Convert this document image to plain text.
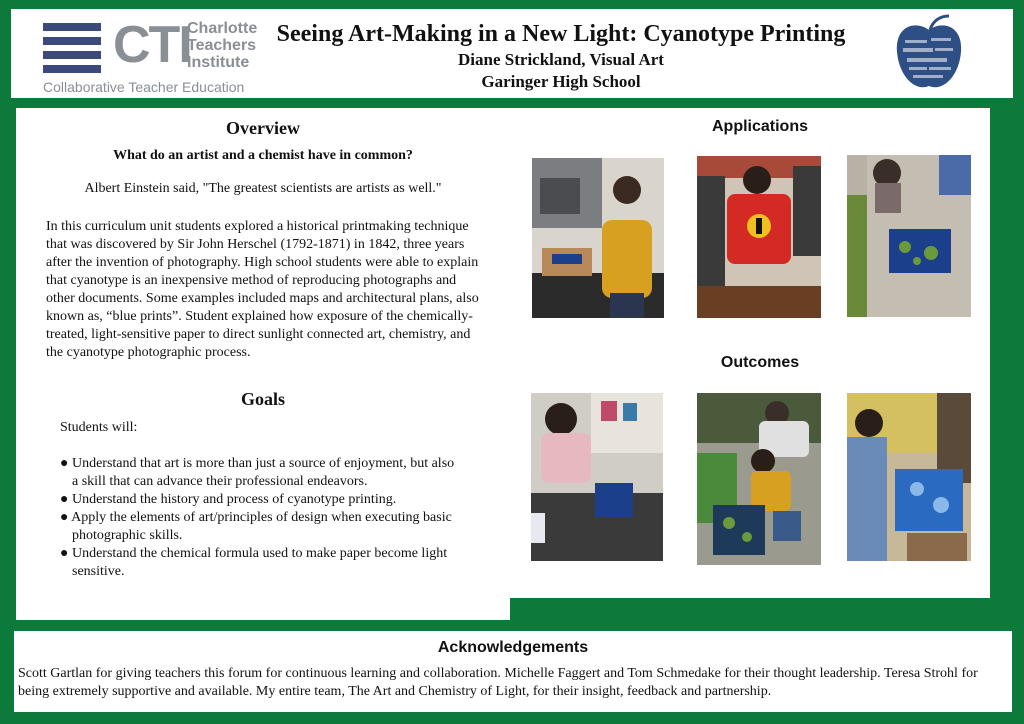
CTI
Charlotte
Teachers
Institute
Collaborative Teacher Education
Seeing Art-Making in a New Light: Cyanotype Printing

Diane Strickland, Visual Art

Garinger High School

Overview
What do an artist and a chemist have in common?
Albert Einstein said, "The greatest scientists are artists as well."
In this curriculum unit students explored a historical printmaking technique that was discovered by Sir John Herschel (1792-1871) in 1842, three years after the invention of photography. High school students were able to explain that cyanotype is an inexpensive method of reproducing photographs and other documents. Some examples included maps and architectural plans, also known as, “blue prints”. Student explained how exposure of the chemically-treated, light-sensitive paper to direct sunlight connected art, chemistry, and the cyanotype photographic process.
Goals
Students will:
● Understand that art is more than just a source of enjoyment, but also a skill that can advance their professional endeavors.
● Understand the history and process of cyanotype printing.
● Apply the elements of art/principles of design when executing basic photographic skills.
● Understand the chemical formula used to make paper become light sensitive.
Applications
Outcomes
Acknowledgements
Scott Gartlan for giving teachers this forum for continuous learning and collaboration. Michelle Faggert and Tom Schmedake for their thought leadership. Teresa Strohl for being extremely supportive and available. My entire team, The Art and Chemistry of Light, for their insight, feedback and partnership.
